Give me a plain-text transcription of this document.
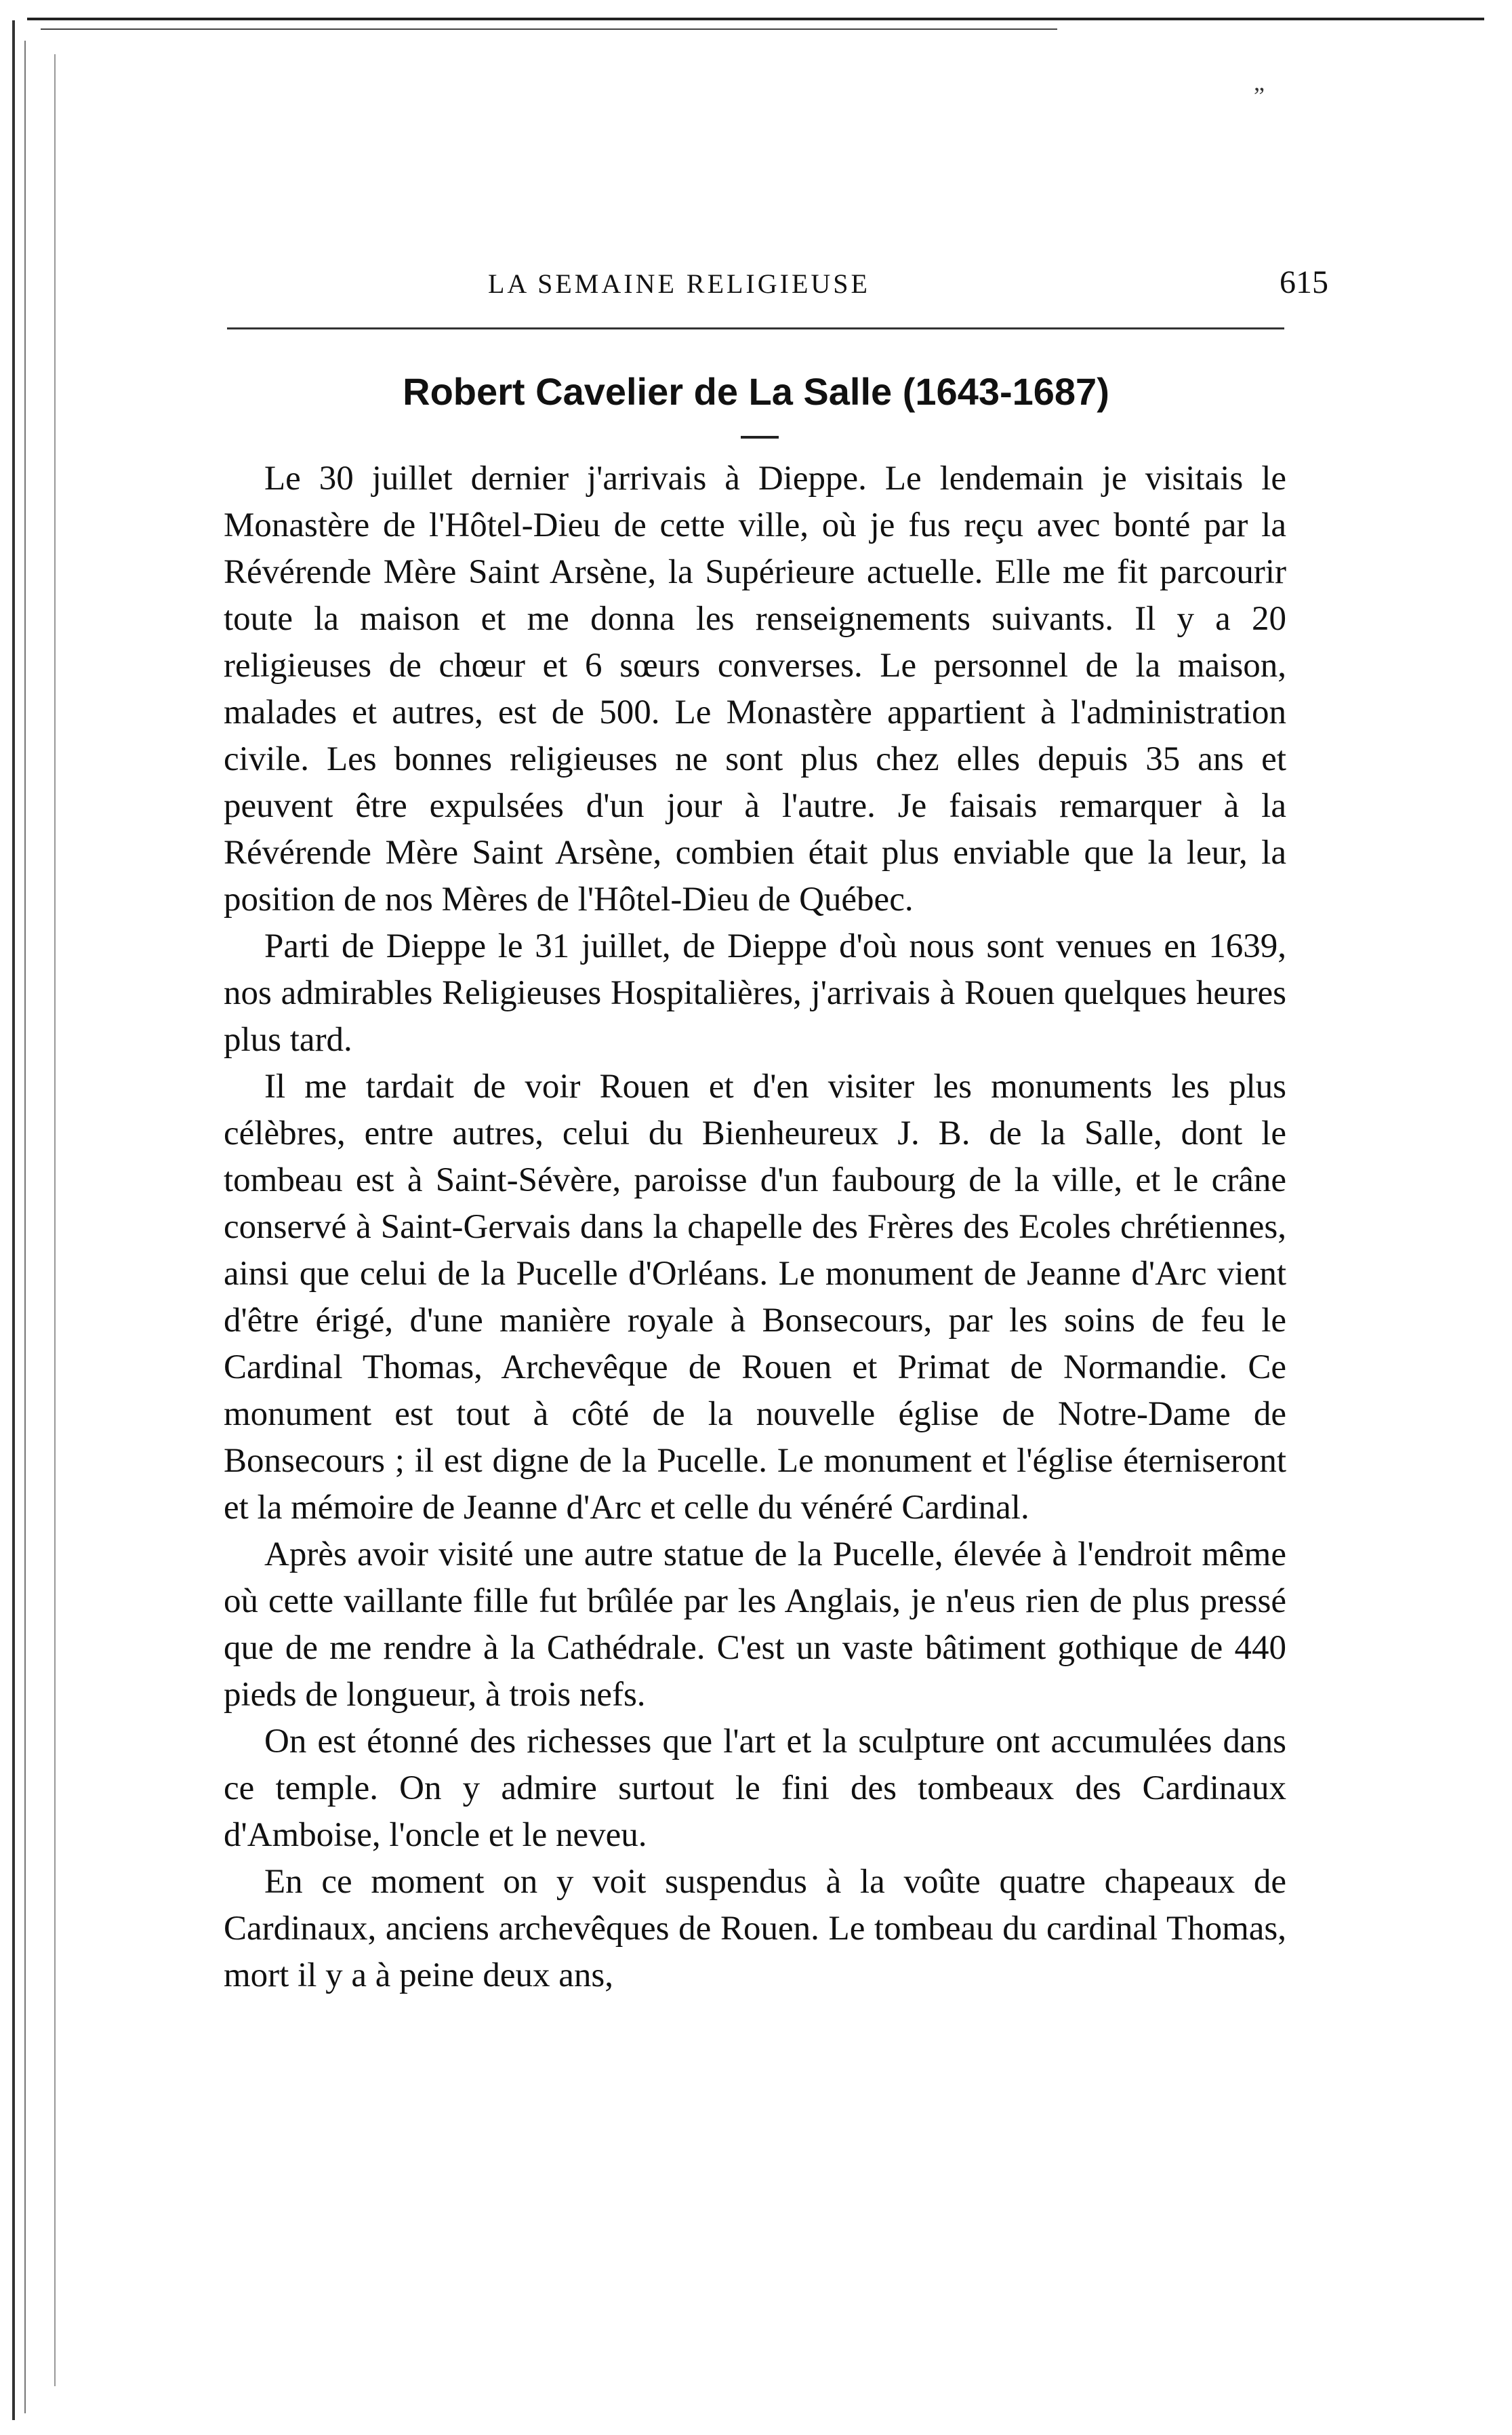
„
LA SEMAINE RELIGIEUSE	615
Robert Cavelier de La Salle (1643-1687)

Le 30 juillet dernier j'arrivais à Dieppe. Le lendemain je visitais le Monastère de l'Hôtel-Dieu de cette ville, où je fus reçu avec bonté par la Révérende Mère Saint Arsène, la Supérieure actuelle. Elle me fit parcourir toute la maison et me donna les renseignements suivants. Il y a 20 religieuses de chœur et 6 sœurs converses. Le personnel de la maison, malades et autres, est de 500. Le Monastère appartient à l'administration civile. Les bonnes religieuses ne sont plus chez elles depuis 35 ans et peuvent être expulsées d'un jour à l'autre. Je faisais remarquer à la Révérende Mère Saint Arsène, combien était plus enviable que la leur, la position de nos Mères de l'Hôtel-Dieu de Québec.

Parti de Dieppe le 31 juillet, de Dieppe d'où nous sont venues en 1639, nos admirables Religieuses Hospitalières, j'arrivais à Rouen quelques heures plus tard.

Il me tardait de voir Rouen et d'en visiter les monuments les plus célèbres, entre autres, celui du Bienheureux J. B. de la Salle, dont le tombeau est à Saint-Sévère, paroisse d'un faubourg de la ville, et le crâne conservé à Saint-Gervais dans la chapelle des Frères des Ecoles chrétiennes, ainsi que celui de la Pucelle d'Orléans. Le monument de Jeanne d'Arc vient d'être érigé, d'une manière royale à Bonsecours, par les soins de feu le Cardinal Thomas, Archevêque de Rouen et Primat de Normandie. Ce monument est tout à côté de la nouvelle église de Notre-Dame de Bonsecours ; il est digne de la Pucelle. Le monument et l'église éterniseront et la mémoire de Jeanne d'Arc et celle du vénéré Cardinal.

Après avoir visité une autre statue de la Pucelle, élevée à l'endroit même où cette vaillante fille fut brûlée par les Anglais, je n'eus rien de plus pressé que de me rendre à la Cathédrale. C'est un vaste bâtiment gothique de 440 pieds de longueur, à trois nefs.

On est étonné des richesses que l'art et la sculpture ont accumulées dans ce temple. On y admire surtout le fini des tombeaux des Cardinaux d'Amboise, l'oncle et le neveu.

En ce moment on y voit suspendus à la voûte quatre chapeaux de Cardinaux, anciens archevêques de Rouen. Le tombeau du cardinal Thomas, mort il y a à peine deux ans,
